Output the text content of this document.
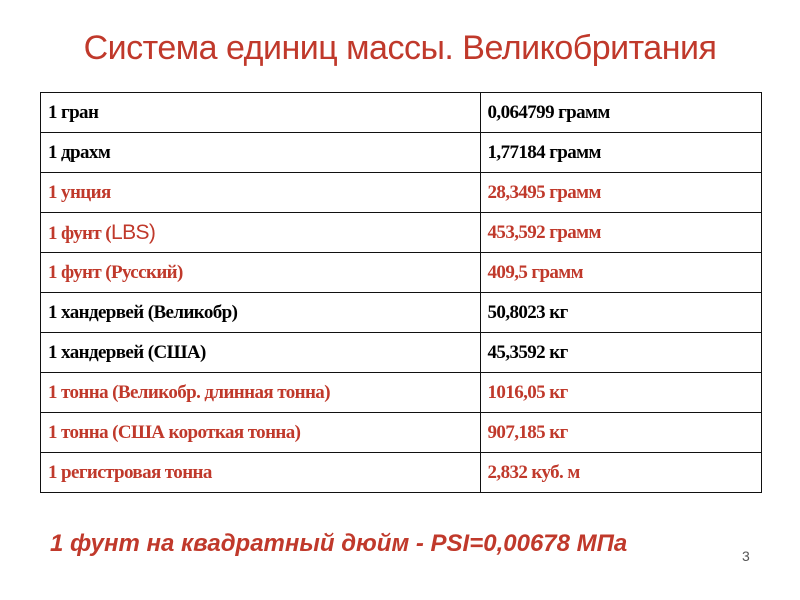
Система единиц массы. Великобритания
1 гран	0,064799 грамм
1 драхм	1,77184 грамм
1 унция	28,3495 грамм
1 фунт (LBS)	453,592 грамм
1 фунт (Русский)	409,5 грамм
1 хандервей (Великобр)	50,8023 кг
1 хандервей (США)	45,3592 кг
1 тонна (Великобр. длинная тонна)	1016,05 кг
1 тонна (США короткая тонна)	907,185 кг
1 регистровая тонна	2,832 куб. м
1 фунт на квадратный дюйм - PSI=0,00678 МПа	3
